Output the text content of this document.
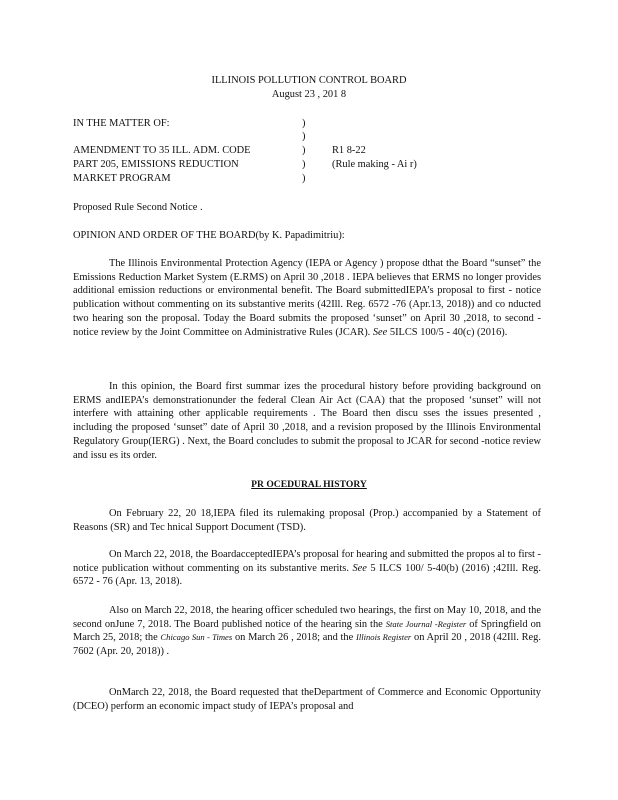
ILLINOIS POLLUTION CONTROL BOARD

August 23 , 201 8

IN THE MATTER OF:	)
)

AMENDMENT TO 35 ILL. ADM. CODE	)	R1 8-22

PART 205, EMISSIONS REDUCTION	)	(Rule making - Ai r)

MARKET PROGRAM	)

Proposed Rule Second Notice .

OPINION AND ORDER OF THE BOARD(by K. Papadimitriu):

The Illinois Environmental Protection Agency (IEPA or Agency ) propose dthat the Board “sunset” the Emissions Reduction Market System (E.RMS) on April 30 ,2018 . IEPA believes that ERMS no longer provides additional emission reductions or environmental benefit. The Board submittedIEPA’s proposal to first - notice publication without commenting on its substantive merits (42Ill. Reg. 6572 -76 (Apr.13, 2018)) and co nducted two hearing son the proposal. Today the Board submits the proposed ‘sunset” on April 30 ,2018, to second - notice review by the Joint Committee on Administrative Rules (JCAR). See 5ILCS 100/5 - 40(c) (2016).

In this opinion, the Board first summar izes the procedural history before providing background on ERMS andIEPA’s demonstrationunder the federal Clean Air Act (CAA) that the proposed ‘sunset” will not interfere with attaining other applicable requirements . The Board then discu sses the issues presented , including the proposed ‘sunset” date of April 30 ,2018, and a revision proposed by the Illinois Environmental Regulatory Group(IERG) . Next, the Board concludes to submit the proposal to JCAR for second -notice review and issu es its order.

PR OCEDURAL HISTORY

On February 22, 20 18,IEPA filed its rulemaking proposal (Prop.) accompanied by a Statement of Reasons (SR) and Tec hnical Support Document (TSD).

On March 22, 2018, the BoardacceptedIEPA’s proposal for hearing and submitted the propos al to first -notice publication without commenting on its substantive merits. See 5 ILCS 100/ 5-40(b) (2016) ;42Ill. Reg. 6572 - 76 (Apr. 13, 2018).

Also on March 22, 2018, the hearing officer scheduled two hearings, the first on May 10, 2018, and the second onJune 7, 2018. The Board published notice of the hearing sin the State Journal -Register of Springfield on March 25, 2018; the Chicago Sun - Times on March 26 , 2018; and the Illinois Register on April 20 , 2018 (42Ill. Reg. 7602 (Apr. 20, 2018)) .

OnMarch 22, 2018, the Board requested that theDepartment of Commerce and Economic Opportunity (DCEO) perform an economic impact study of IEPA’s proposal and
